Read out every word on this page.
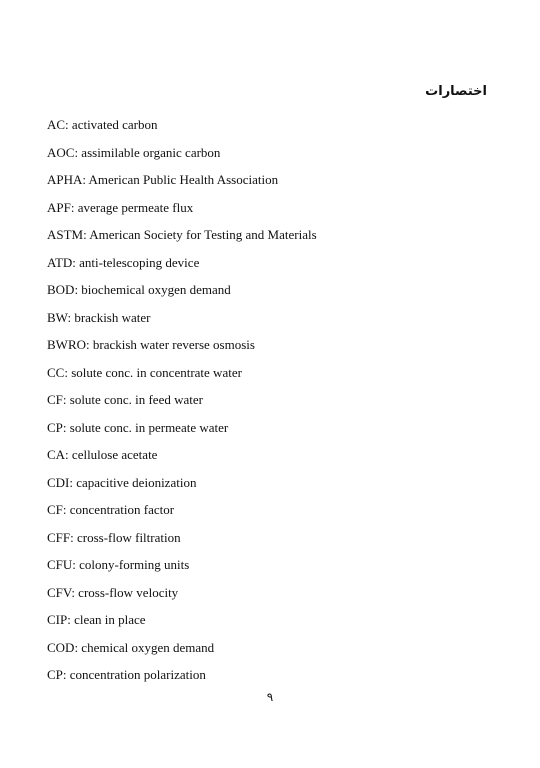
اختصارات
AC: activated carbon
AOC: assimilable organic carbon
APHA: American Public Health Association
APF: average permeate flux
ASTM: American Society for Testing and Materials
ATD: anti-telescoping device
BOD: biochemical oxygen demand
BW: brackish water
BWRO: brackish water reverse osmosis
CC: solute conc. in concentrate water
CF: solute conc. in feed water
CP: solute conc. in permeate water
CA: cellulose acetate
CDI: capacitive deionization
CF: concentration factor
CFF: cross-flow filtration
CFU: colony-forming units
CFV: cross-flow velocity
CIP: clean in place
COD: chemical oxygen demand
CP: concentration polarization
۹
